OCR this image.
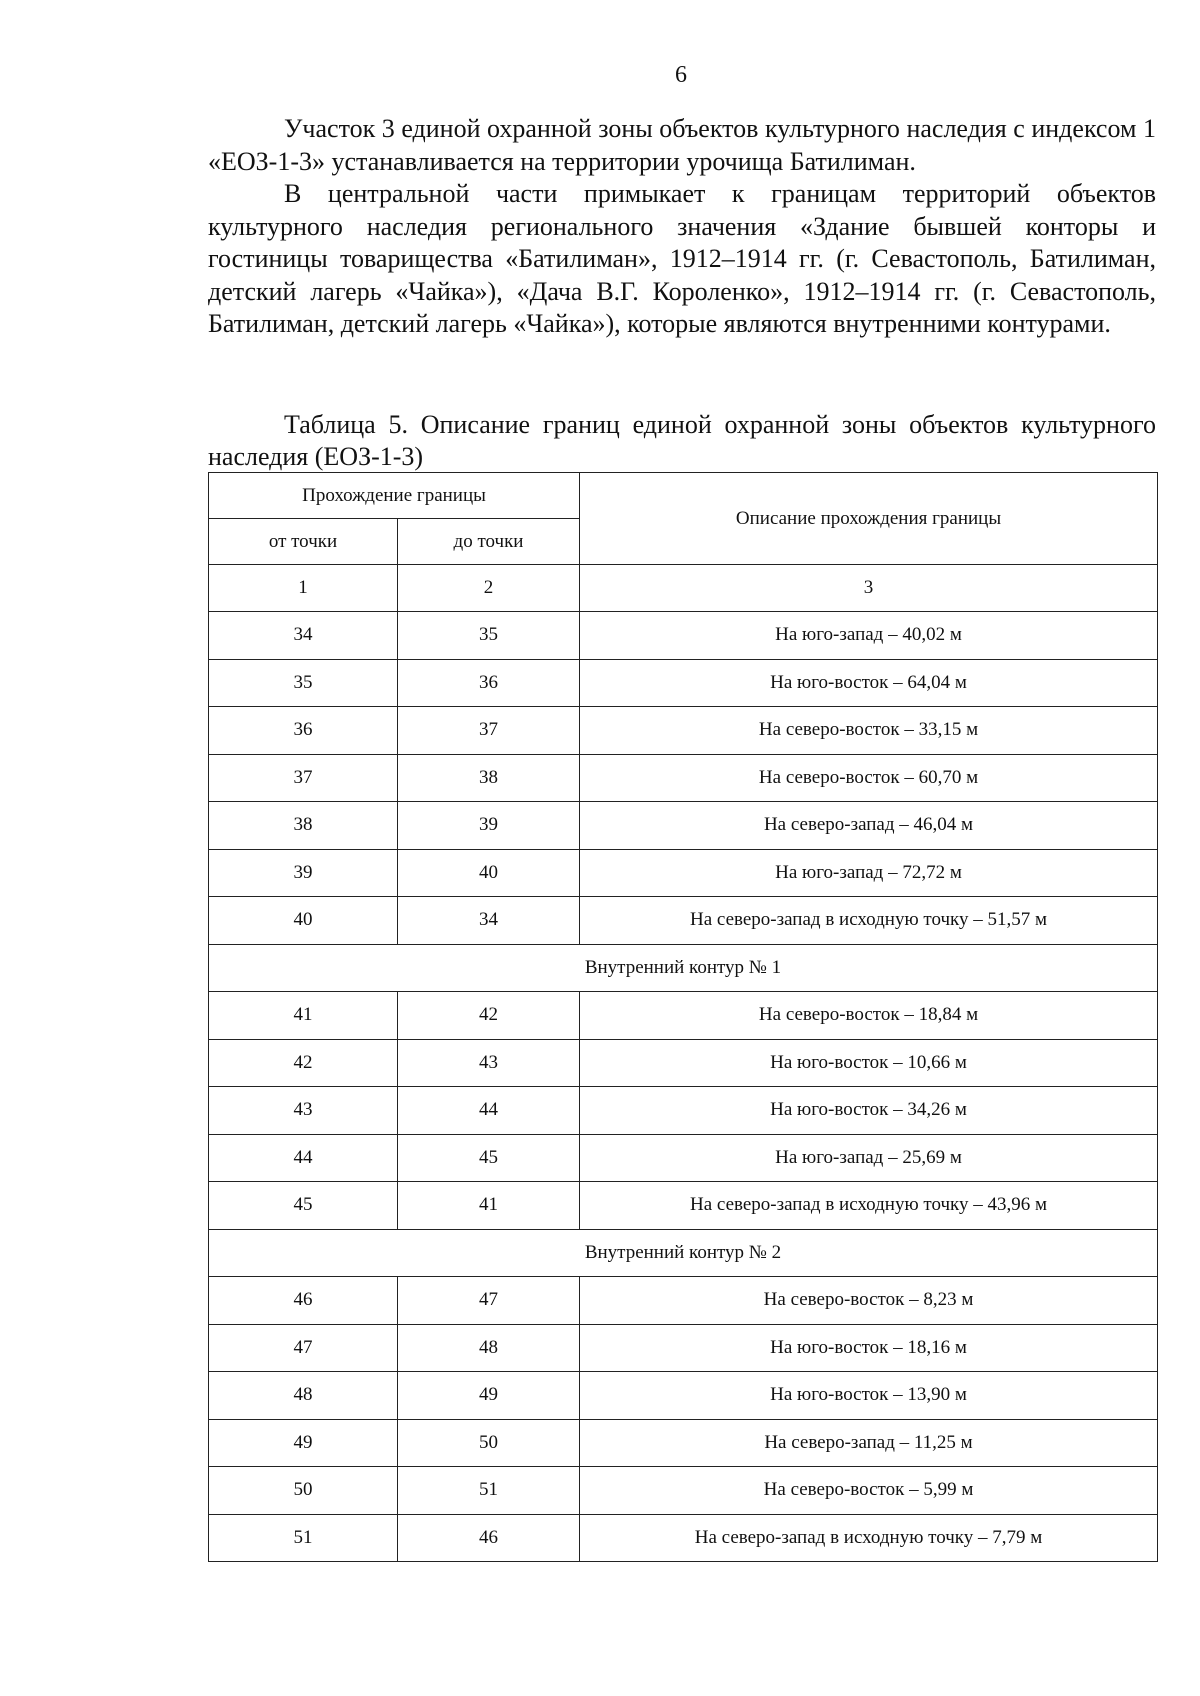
6

Участок 3 единой охранной зоны объектов культурного наследия с индексом 1 «ЕОЗ-1-3» устанавливается на территории урочища Батилиман.

В центральной части примыкает к границам территорий объектов культурного наследия регионального значения «Здание бывшей конторы и гостиницы товарищества «Батилиман», 1912–1914 гг. (г. Севастополь, Батилиман, детский лагерь «Чайка»), «Дача В.Г. Короленко», 1912–1914 гг. (г. Севастополь, Батилиман, детский лагерь «Чайка»), которые являются внутренними контурами.

Таблица 5. Описание границ единой охранной зоны объектов культурного наследия (ЕОЗ-1-3)

Прохождение границы		Описание прохождения границы
от точки	до точки	
1	2	3
34	35	На юго-запад – 40,02 м
35	36	На юго-восток – 64,04 м
36	37	На северо-восток – 33,15 м
37	38	На северо-восток – 60,70 м
38	39	На северо-запад – 46,04 м
39	40	На юго-запад – 72,72 м
40	34	На северо-запад в исходную точку – 51,57 м
Внутренний контур № 1		
41	42	На северо-восток – 18,84 м
42	43	На юго-восток – 10,66 м
43	44	На юго-восток – 34,26 м
44	45	На юго-запад – 25,69 м
45	41	На северо-запад в исходную точку – 43,96 м
Внутренний контур № 2		
46	47	На северо-восток – 8,23 м
47	48	На юго-восток – 18,16 м
48	49	На юго-восток – 13,90 м
49	50	На северо-запад – 11,25 м
50	51	На северо-восток – 5,99 м
51	46	На северо-запад в исходную точку – 7,79 м
